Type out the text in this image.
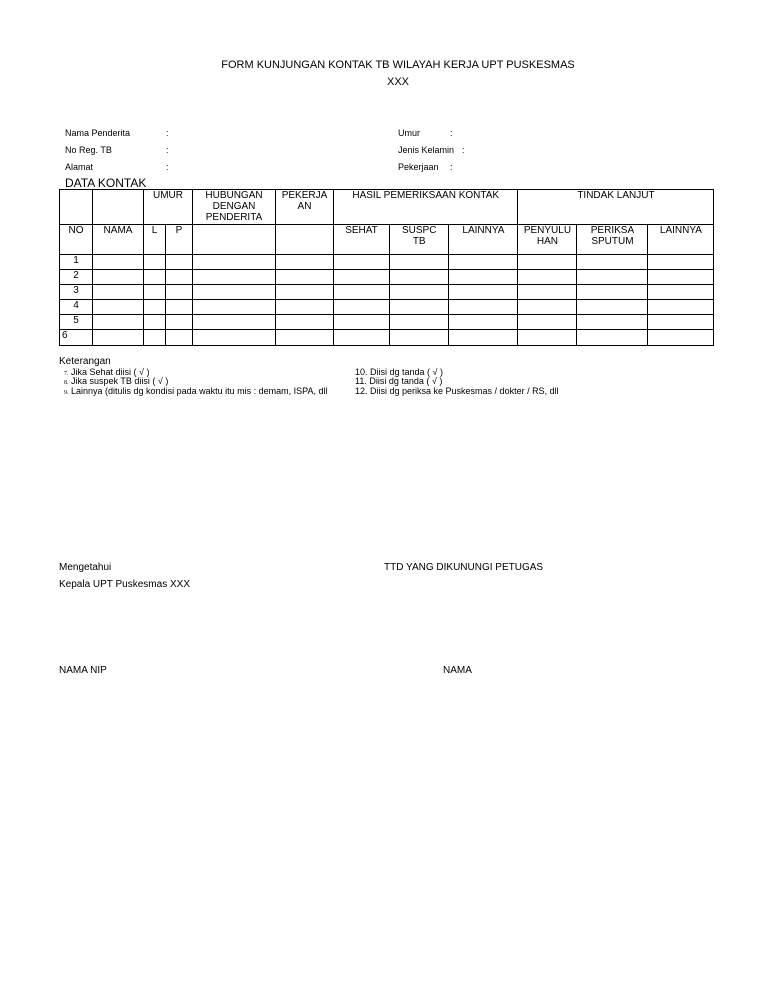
FORM KUNJUNGAN KONTAK TB WILAYAH KERJA UPT PUSKESMAS
XXX
Nama Penderita	:
No Reg. TB	:
Alamat	:
Umur	:
Jenis Kelamin :
Pekerjaan :
DATA KONTAK
		UMUR		HUBUNGAN DENGAN PENDERITA	PEKERJA AN	HASIL PEMERIKSAAN KONTAK			TINDAK LANJUT		
NO	NAMA	L	P			SEHAT	SUSPC TB	LAINNYA	PENYULU HAN	PERIKSA SPUTUM	LAINNYA
1											
2											
3											
4											
5											
6											
Keterangan
7. Jika Sehat diisi ( √ )
8. Jika suspek TB diisi ( √ )
9. Lainnya (ditulis dg kondisi pada waktu itu mis : demam, ISPA, dll
10. Diisi dg tanda ( √ )
11. Diisi dg tanda ( √ )
12. Diisi dg periksa ke Puskesmas / dokter / RS, dll
Mengetahui
Kepala UPT Puskesmas XXX
TTD YANG DIKUNUNGI PETUGAS
NAMA NIP	NAMA
